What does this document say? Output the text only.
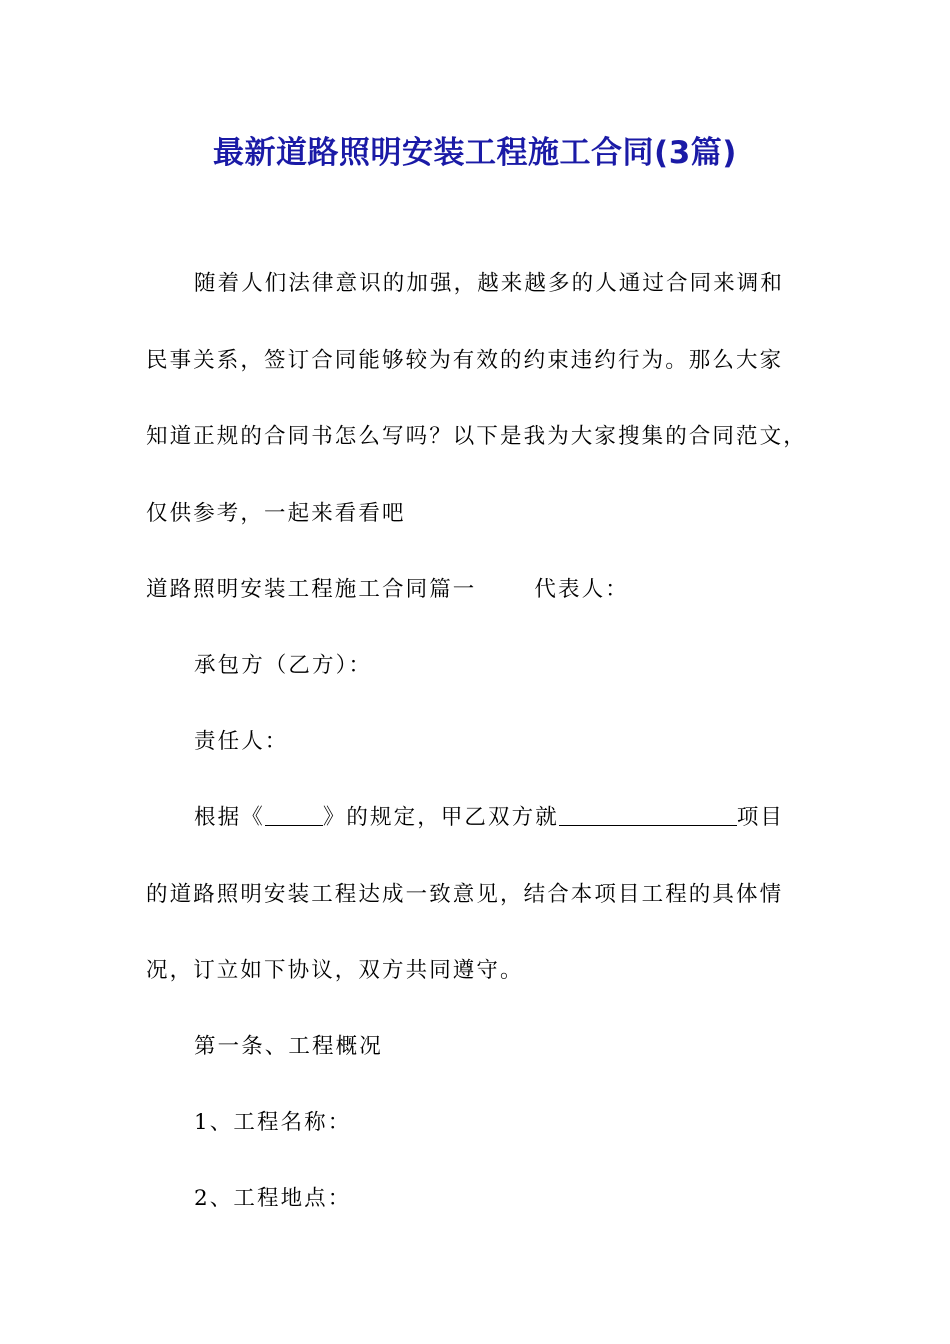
最新道路照明安装工程施工合同(3篇)
随着人们法律意识的加强，越来越多的人通过合同来调和
民事关系，签订合同能够较为有效的约束违约行为。那么大家
知道正规的合同书怎么写吗？以下是我为大家搜集的合同范文，
仅供参考，一起来看看吧
道路照明安装工程施工合同篇一	代表人：
承包方（乙方）：
责任人：
根据《	》的规定，甲乙双方就	项目
的道路照明安装工程达成一致意见，结合本项目工程的具体情
况，订立如下协议，双方共同遵守。
第一条、工程概况
1、工程名称：
2、工程地点：
